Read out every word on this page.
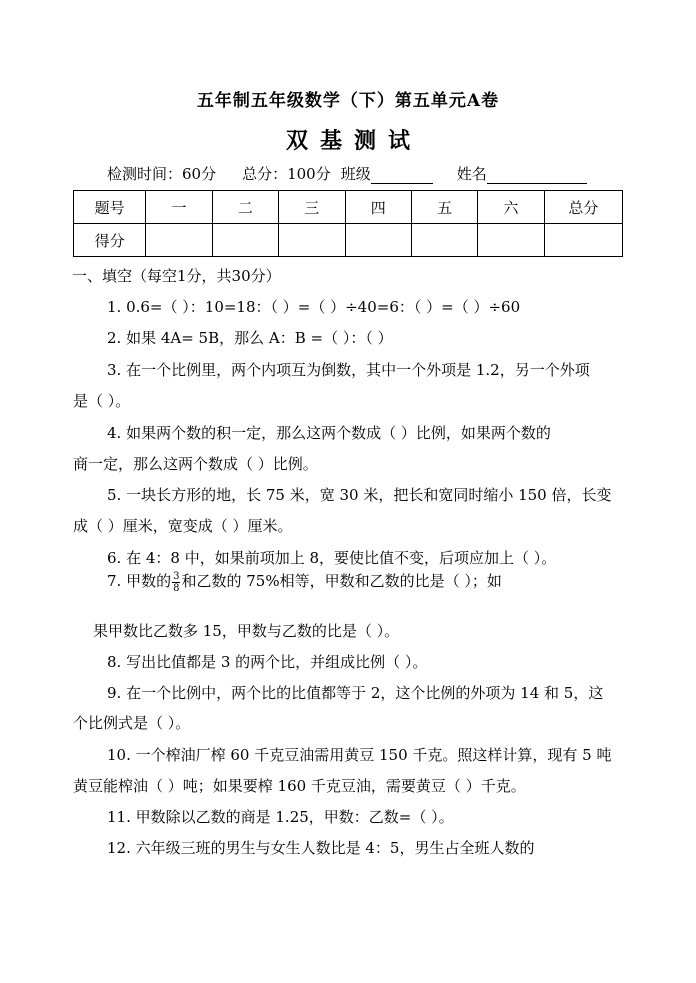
五年制五年级数学（下）第五单元A卷
双基测试
检测时间：60分 总分：100分 班级	姓名
题号	一	二	三	四	五	六	总分
得分							
一、填空（每空1分，共30分）
1. 0.6=（ ）：10=18：（ ）=（ ）÷40=6：（ ）=（ ）÷60
2. 如果 4A= 5B，那么 A：B =（ ）：（ ）
3. 在一个比例里，两个内项互为倒数，其中一个外项是 1.2，另一个外项
是（ ）。
4. 如果两个数的积一定，那么这两个数成（ ）比例，如果两个数的
商一定，那么这两个数成（ ）比例。
5. 一块长方形的地，长 75 米，宽 30 米，把长和宽同时缩小 150 倍，长变
成（ ）厘米，宽变成（ ）厘米。
6. 在 4：8 中，如果前项加上 8，要使比值不变，后项应加上（ ）。
7. 甲数的 $\frac{3}{8}$ 和乙数的 75%相等，甲数和乙数的比是（ ）；如
果甲数比乙数多 15，甲数与乙数的比是（ ）。
8. 写出比值都是 3 的两个比，并组成比例（ ）。
9. 在一个比例中，两个比的比值都等于 2，这个比例的外项为 14 和 5，这
个比例式是（ ）。
10. 一个榨油厂榨 60 千克豆油需用黄豆 150 千克。照这样计算，现有 5 吨
黄豆能榨油（ ）吨；如果要榨 160 千克豆油，需要黄豆（ ）千克。
11. 甲数除以乙数的商是 1.25，甲数：乙数=（ ）。
12. 六年级三班的男生与女生人数比是 4：5，男生占全班人数的
